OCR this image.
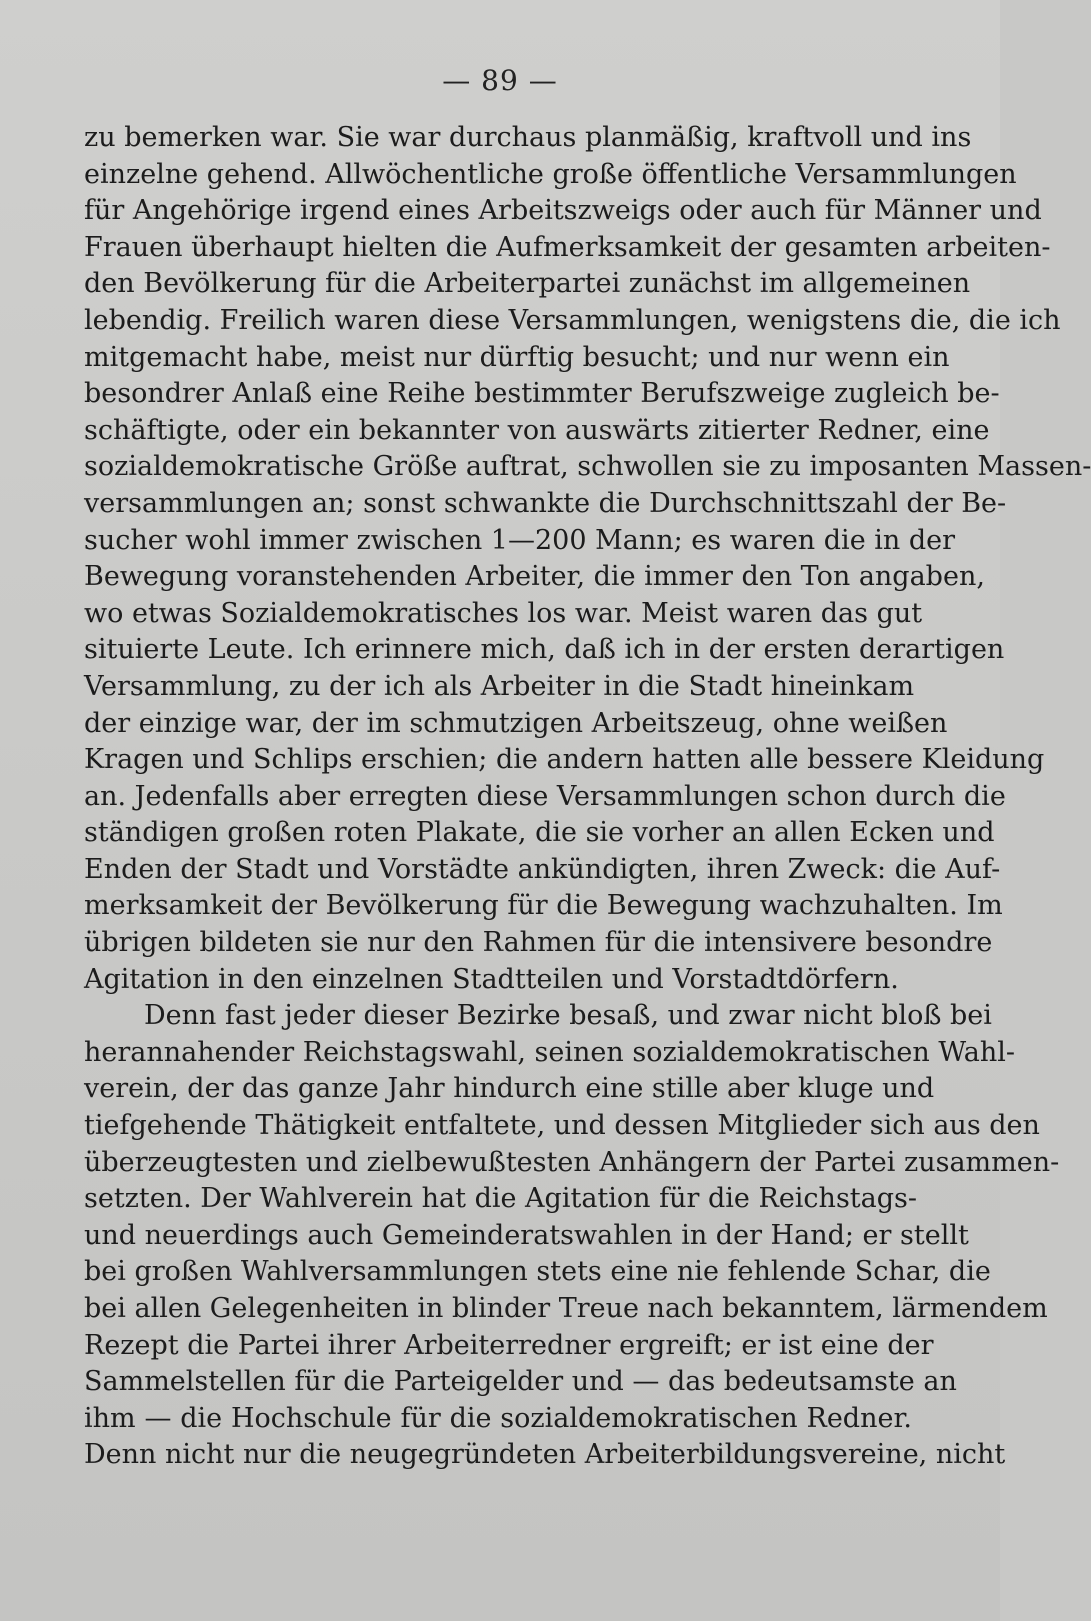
— 89 —
zu bemerken war. Sie war durchaus planmäßig, kraftvoll und ins
einzelne gehend. Allwöchentliche große öffentliche Versammlungen
für Angehörige irgend eines Arbeitszweigs oder auch für Männer und
Frauen überhaupt hielten die Aufmerksamkeit der gesamten arbeiten-
den Bevölkerung für die Arbeiterpartei zunächst im allgemeinen
lebendig. Freilich waren diese Versammlungen, wenigstens die, die ich
mitgemacht habe, meist nur dürftig besucht; und nur wenn ein
besondrer Anlaß eine Reihe bestimmter Berufszweige zugleich be-
schäftigte, oder ein bekannter von auswärts zitierter Redner, eine
sozialdemokratische Größe auftrat, schwollen sie zu imposanten Massen-
versammlungen an; sonst schwankte die Durchschnittszahl der Be-
sucher wohl immer zwischen 1—200 Mann; es waren die in der
Bewegung voranstehenden Arbeiter, die immer den Ton angaben,
wo etwas Sozialdemokratisches los war. Meist waren das gut
situierte Leute. Ich erinnere mich, daß ich in der ersten derartigen
Versammlung, zu der ich als Arbeiter in die Stadt hineinkam
der einzige war, der im schmutzigen Arbeitszeug, ohne weißen
Kragen und Schlips erschien; die andern hatten alle bessere Kleidung
an. Jedenfalls aber erregten diese Versammlungen schon durch die
ständigen großen roten Plakate, die sie vorher an allen Ecken und
Enden der Stadt und Vorstädte ankündigten, ihren Zweck: die Auf-
merksamkeit der Bevölkerung für die Bewegung wachzuhalten. Im
übrigen bildeten sie nur den Rahmen für die intensivere besondre
Agitation in den einzelnen Stadtteilen und Vorstadtdörfern.
Denn fast jeder dieser Bezirke besaß, und zwar nicht bloß bei
herannahender Reichstagswahl, seinen sozialdemokratischen Wahl-
verein, der das ganze Jahr hindurch eine stille aber kluge und
tiefgehende Thätigkeit entfaltete, und dessen Mitglieder sich aus den
überzeugtesten und zielbewußtesten Anhängern der Partei zusammen-
setzten. Der Wahlverein hat die Agitation für die Reichstags-
und neuerdings auch Gemeinderatswahlen in der Hand; er stellt
bei großen Wahlversammlungen stets eine nie fehlende Schar, die
bei allen Gelegenheiten in blinder Treue nach bekanntem, lärmendem
Rezept die Partei ihrer Arbeiterredner ergreift; er ist eine der
Sammelstellen für die Parteigelder und — das bedeutsamste an
ihm — die Hochschule für die sozialdemokratischen Redner.
Denn nicht nur die neugegründeten Arbeiterbildungsvereine, nicht
